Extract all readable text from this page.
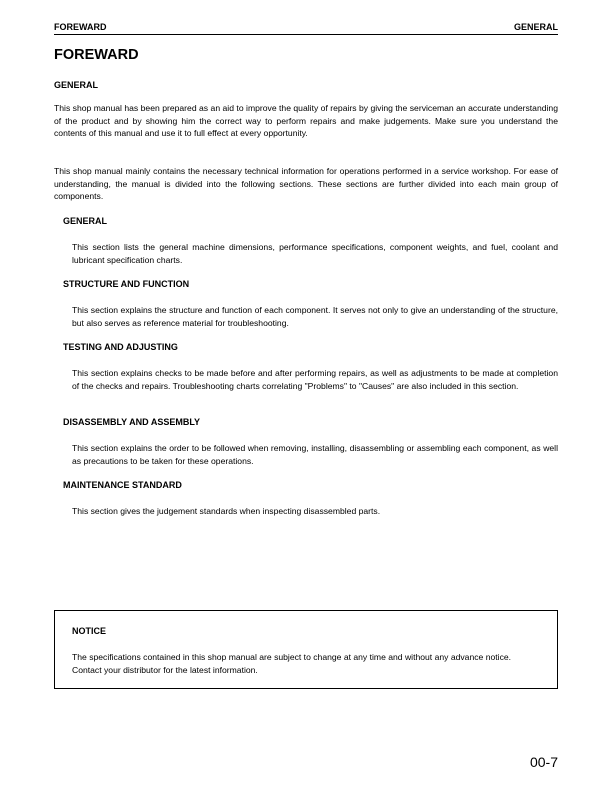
FOREWARD	GENERAL
FOREWARD
GENERAL

This shop manual has been prepared as an aid to improve the quality of repairs by giving the serviceman an accurate understanding of the product and by showing him the correct way to perform repairs and make judgements. Make sure you understand the contents of this manual and use it to full effect at every opportunity.

This shop manual mainly contains the necessary technical information for operations performed in a service workshop. For ease of understanding, the manual is divided into the following sections. These sections are further divided into each main group of components.

GENERAL

This section lists the general machine dimensions, performance specifications, component weights, and fuel, coolant and lubricant specification charts.

STRUCTURE AND FUNCTION

This section explains the structure and function of each component. It serves not only to give an understanding of the structure, but also serves as reference material for troubleshooting.

TESTING AND ADJUSTING

This section explains checks to be made before and after performing repairs, as well as adjustments to be made at completion of the checks and repairs. Troubleshooting charts correlating "Problems" to "Causes" are also included in this section.

DISASSEMBLY AND ASSEMBLY

This section explains the order to be followed when removing, installing, disassembling or assembling each component, as well as precautions to be taken for these operations.

MAINTENANCE STANDARD

This section gives the judgement standards when inspecting disassembled parts.

NOTICE

The specifications contained in this shop manual are subject to change at any time and without any advance notice. Contact your distributor for the latest information.

00-7
